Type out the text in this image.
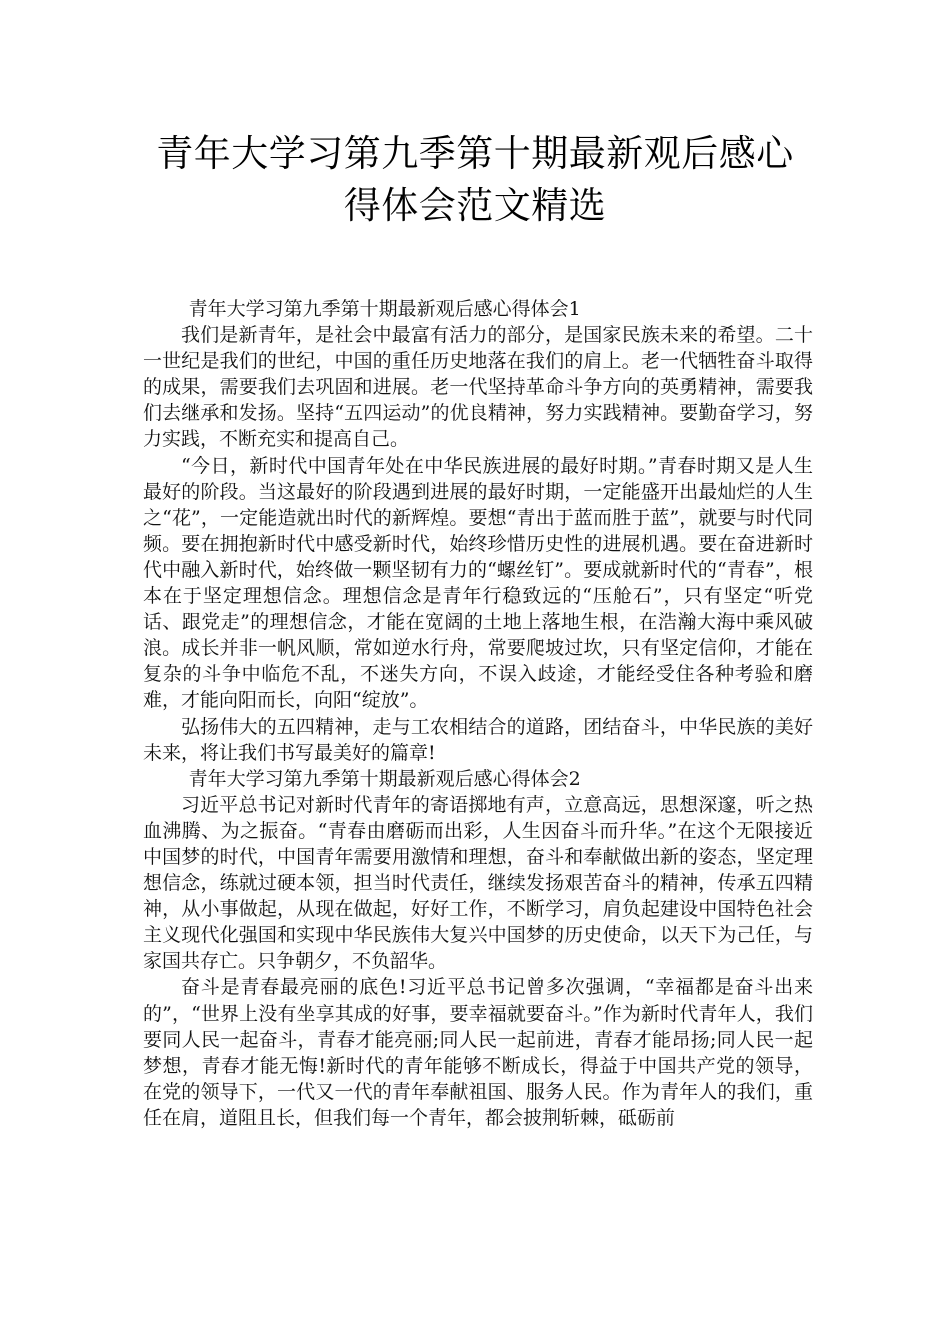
青年大学习第九季第十期最新观后感心
得体会范文精选

青年大学习第九季第十期最新观后感心得体会1

我们是新青年，是社会中最富有活力的部分，是国家民族未来的希望。二十一世纪是我们的世纪，中国的重任历史地落在我们的肩上。老一代牺牲奋斗取得的成果，需要我们去巩固和进展。老一代坚持革命斗争方向的英勇精神，需要我们去继承和发扬。坚持“五四运动”的优良精神，努力实践精神。要勤奋学习，努力实践，不断充实和提高自己。

“今日，新时代中国青年处在中华民族进展的最好时期。”青春时期又是人生最好的阶段。当这最好的阶段遇到进展的最好时期，一定能盛开出最灿烂的人生之“花”，一定能造就出时代的新辉煌。要想“青出于蓝而胜于蓝”，就要与时代同频。要在拥抱新时代中感受新时代，始终珍惜历史性的进展机遇。要在奋进新时代中融入新时代，始终做一颗坚韧有力的“螺丝钉”。要成就新时代的“青春”，根本在于坚定理想信念。理想信念是青年行稳致远的“压舱石”，只有坚定“听党话、跟党走”的理想信念，才能在宽阔的土地上落地生根，在浩瀚大海中乘风破浪。成长并非一帆风顺，常如逆水行舟，常要爬坡过坎，只有坚定信仰，才能在复杂的斗争中临危不乱，不迷失方向，不误入歧途，才能经受住各种考验和磨难，才能向阳而长，向阳“绽放”。

弘扬伟大的五四精神，走与工农相结合的道路，团结奋斗，中华民族的美好未来，将让我们书写最美好的篇章!

青年大学习第九季第十期最新观后感心得体会2

习近平总书记对新时代青年的寄语掷地有声，立意高远，思想深邃，听之热血沸腾、为之振奋。“青春由磨砺而出彩，人生因奋斗而升华。”在这个无限接近中国梦的时代，中国青年需要用激情和理想，奋斗和奉献做出新的姿态，坚定理想信念，练就过硬本领，担当时代责任，继续发扬艰苦奋斗的精神，传承五四精神，从小事做起，从现在做起，好好工作，不断学习，肩负起建设中国特色社会主义现代化强国和实现中华民族伟大复兴中国梦的历史使命，以天下为己任，与家国共存亡。只争朝夕，不负韶华。

奋斗是青春最亮丽的底色!习近平总书记曾多次强调，“幸福都是奋斗出来的”，“世界上没有坐享其成的好事，要幸福就要奋斗。”作为新时代青年人，我们要同人民一起奋斗，青春才能亮丽;同人民一起前进，青春才能昂扬;同人民一起梦想，青春才能无悔!新时代的青年能够不断成长，得益于中国共产党的领导，在党的领导下，一代又一代的青年奉献祖国、服务人民。作为青年人的我们，重任在肩，道阻且长，但我们每一个青年，都会披荆斩棘，砥砺前
